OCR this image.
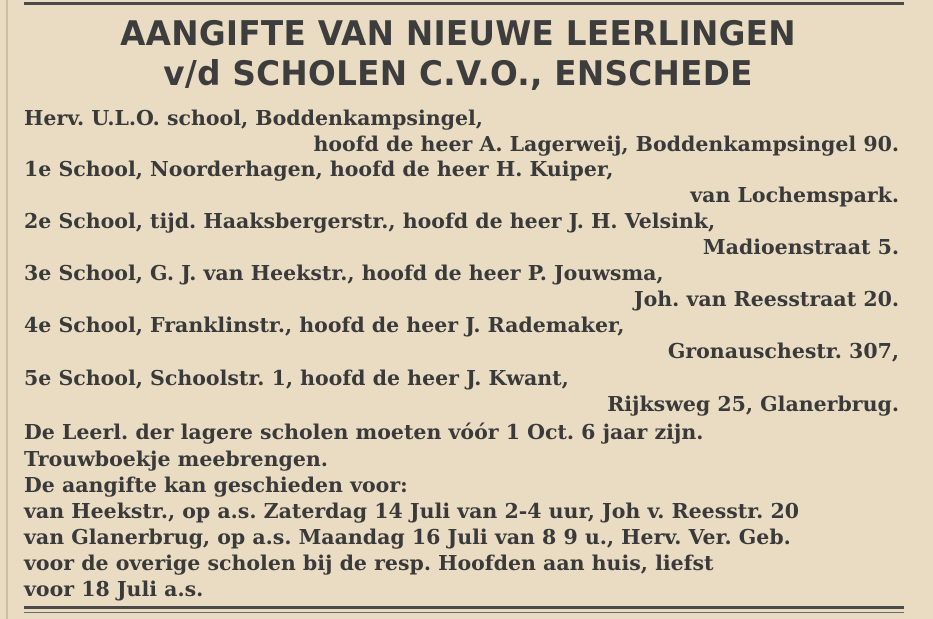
AANGIFTE VAN NIEUWE LEERLINGEN
v/d SCHOLEN C.V.O., ENSCHEDE
Herv. U.L.O. school, Boddenkampsingel,
hoofd de heer A. Lagerweij, Boddenkampsingel 90.
1e School, Noorderhagen, hoofd de heer H. Kuiper,
van Lochemspark.
2e School, tijd. Haaksbergerstr., hoofd de heer J. H. Velsink,
Madioenstraat 5.
3e School, G. J. van Heekstr., hoofd de heer P. Jouwsma,
Joh. van Reesstraat 20.
4e School, Franklinstr., hoofd de heer J. Rademaker,
Gronauschestr. 307,
5e School, Schoolstr. 1, hoofd de heer J. Kwant,
Rijksweg 25, Glanerbrug.
De Leerl. der lagere scholen moeten vóór 1 Oct. 6 jaar zijn.
Trouwboekje meebrengen.
De aangifte kan geschieden voor:
van Heekstr., op a.s. Zaterdag 14 Juli van 2-4 uur, Joh v. Reesstr. 20
van Glanerbrug, op a.s. Maandag 16 Juli van 8 9 u., Herv. Ver. Geb.
voor de overige scholen bij de resp. Hoofden aan huis, liefst
voor 18 Juli a.s.
